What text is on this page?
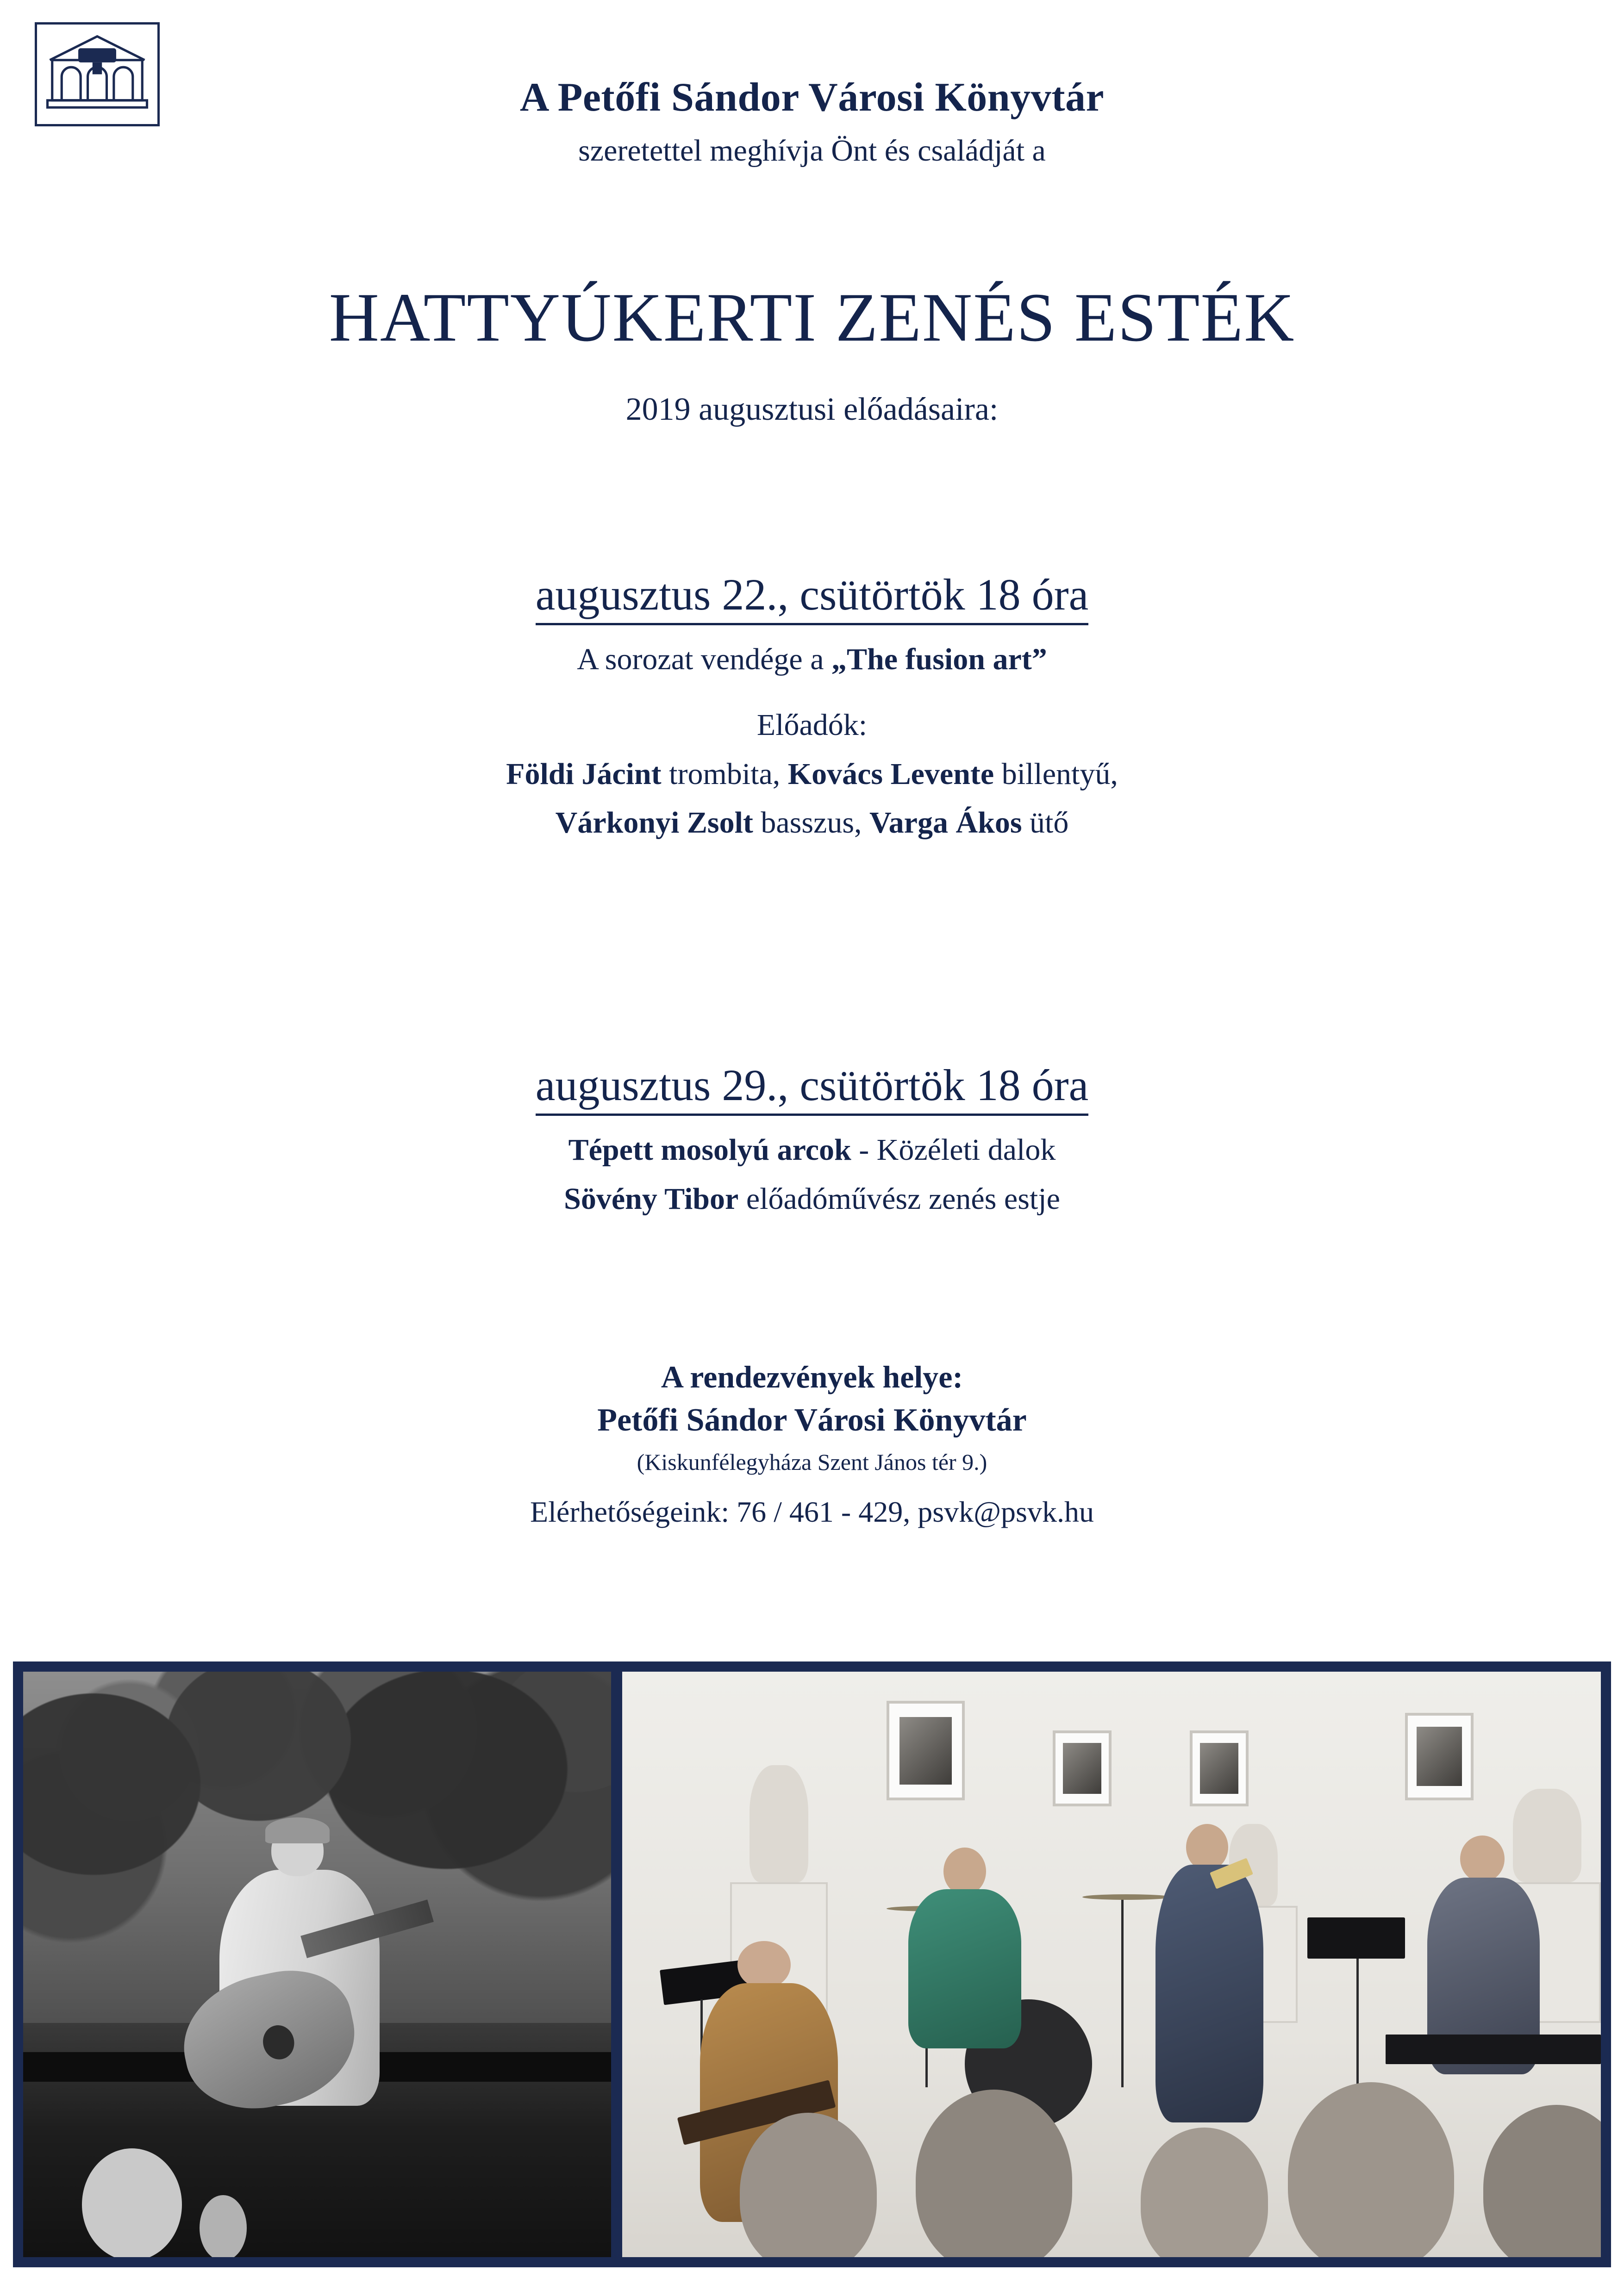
A Petőfi Sándor Városi Könyvtár
szeretettel meghívja Önt és családját a
HATTYÚKERTI ZENÉS ESTÉK
2019 augusztusi előadásaira:
augusztus 22., csütörtök 18 óra
A sorozat vendége a „The fusion art”
Előadók:
Földi Jácint trombita, Kovács Levente billentyű,
Várkonyi Zsolt basszus, Varga Ákos ütő
augusztus 29., csütörtök 18 óra
Tépett mosolyú arcok - Közéleti dalok
Sövény Tibor előadóművész zenés estje
A rendezvények helye:
Petőfi Sándor Városi Könyvtár
(Kiskunfélegyháza Szent János tér 9.)
Elérhetőségeink: 76 / 461 - 429, psvk@psvk.hu
